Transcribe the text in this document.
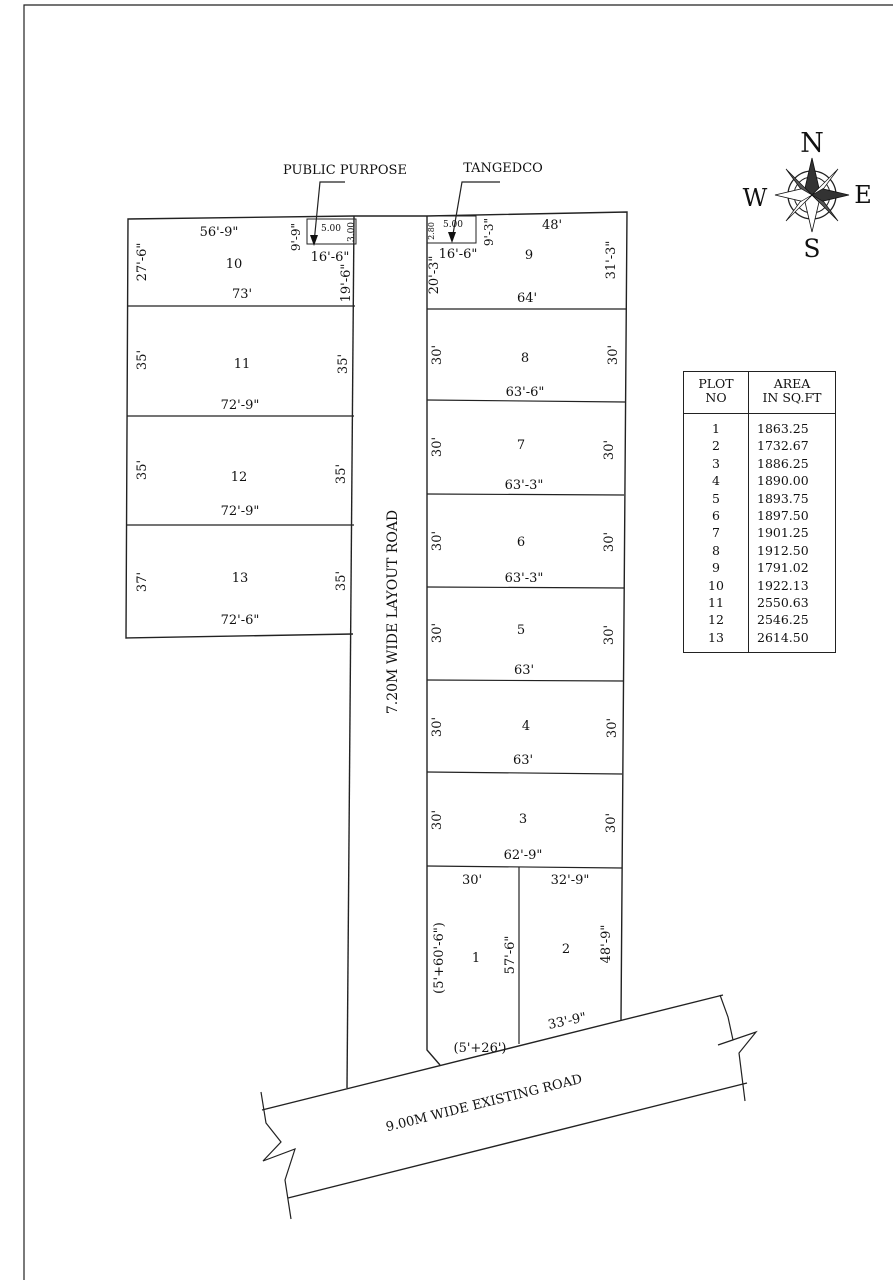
N
S
E
W
PUBLIC PURPOSE	TANGEDCO
5.00 3.00
9'-9"	2.80 5.00 9'-3"
56'-9"
16'-6"
10
27'-6"
19'-6"
73'
11
35'	35'
72'-9"
12
35'	35'
72'-9"
13
37'	35'
72'-6"	7.20M WIDE LAYOUT ROAD
48'
16'-6"	9
20'-3"	31'-3"
64'
8
30'	30'
63'-6"
7
30'	30'
63'-3"
6
30'	30'
63'-3"
5
30'	30'
63'
4
30'	30'
63'
3
30'	30'
62'-9"
30'
1
(5'+60'-6")	57'-6"
(5'+26')
32'-9"
2 48'-9"
33'-9"
9.00M WIDE EXISTING ROAD
PLOT
NO	AREA
IN SQ.FT
1	1863.25
2	1732.67
3	1886.25
4	1890.00
5	1893.75
6	1897.50
7	1901.25
8	1912.50
9	1791.02
10	1922.13
11	2550.63
12	2546.25
13	2614.50
